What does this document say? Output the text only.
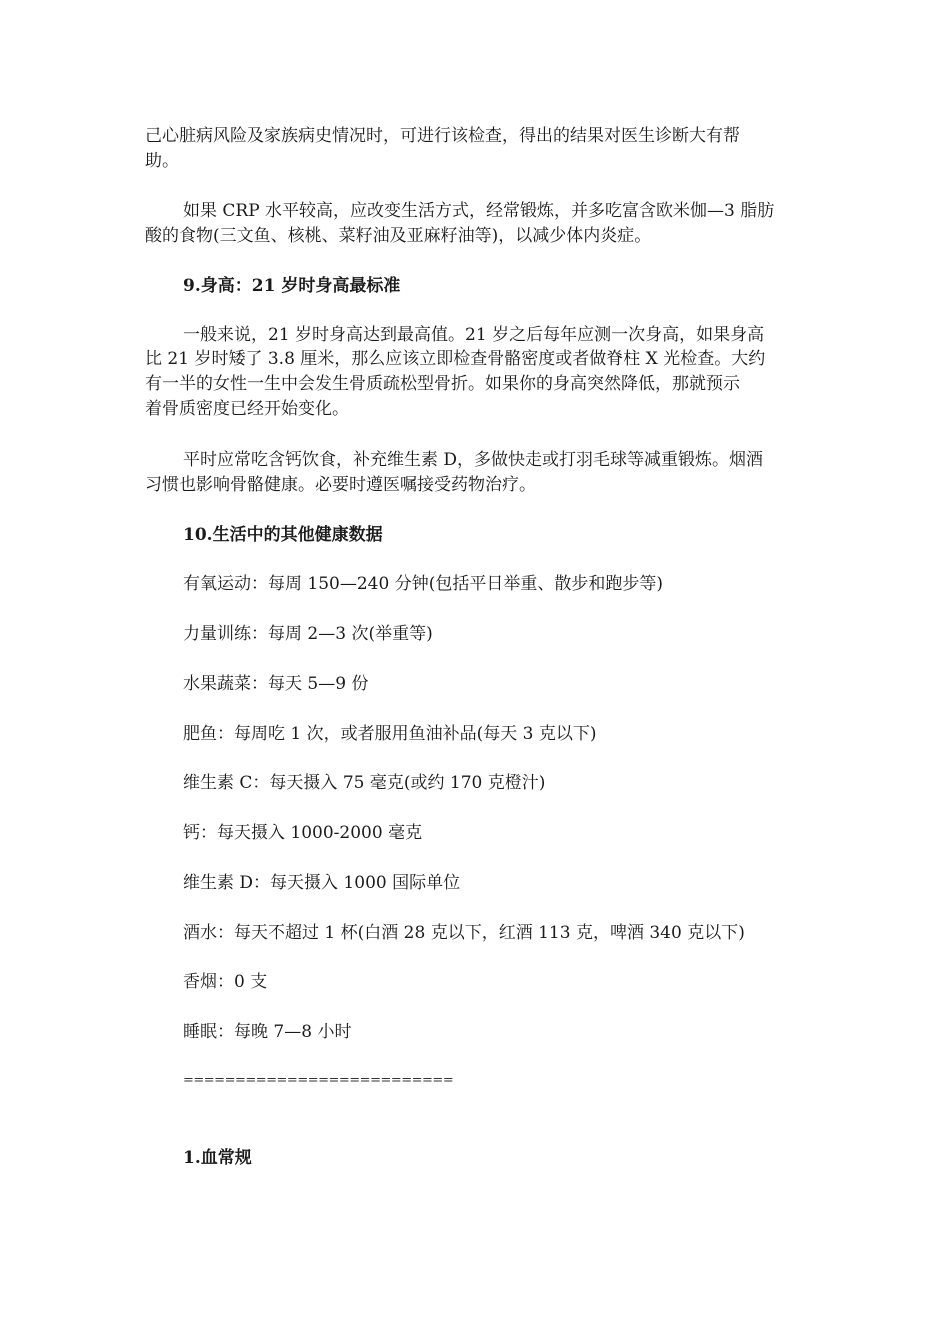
己心脏病风险及家族病史情况时，可进行该检查，得出的结果对医生诊断大有帮
助。
如果 CRP 水平较高，应改变生活方式，经常锻炼，并多吃富含欧米伽—3 脂肪
酸的食物(三文鱼、核桃、菜籽油及亚麻籽油等)，以减少体内炎症。
9.身高：21 岁时身高最标准
一般来说，21 岁时身高达到最高值。21 岁之后每年应测一次身高，如果身高
比 21 岁时矮了 3.8 厘米，那么应该立即检查骨骼密度或者做脊柱 X 光检查。大约
有一半的女性一生中会发生骨质疏松型骨折。如果你的身高突然降低，那就预示
着骨质密度已经开始变化。
平时应常吃含钙饮食，补充维生素 D，多做快走或打羽毛球等减重锻炼。烟酒
习惯也影响骨骼健康。必要时遵医嘱接受药物治疗。
10.生活中的其他健康数据
有氧运动：每周 150—240 分钟(包括平日举重、散步和跑步等)
力量训练：每周 2—3 次(举重等)
水果蔬菜：每天 5—9 份
肥鱼：每周吃 1 次，或者服用鱼油补品(每天 3 克以下)
维生素 C：每天摄入 75 毫克(或约 170 克橙汁)
钙：每天摄入 1000-2000 毫克
维生素 D：每天摄入 1000 国际单位
酒水：每天不超过 1 杯(白酒 28 克以下，红酒 113 克，啤酒 340 克以下)
香烟：0 支
睡眠：每晚 7—8 小时
==========================
1.血常规
